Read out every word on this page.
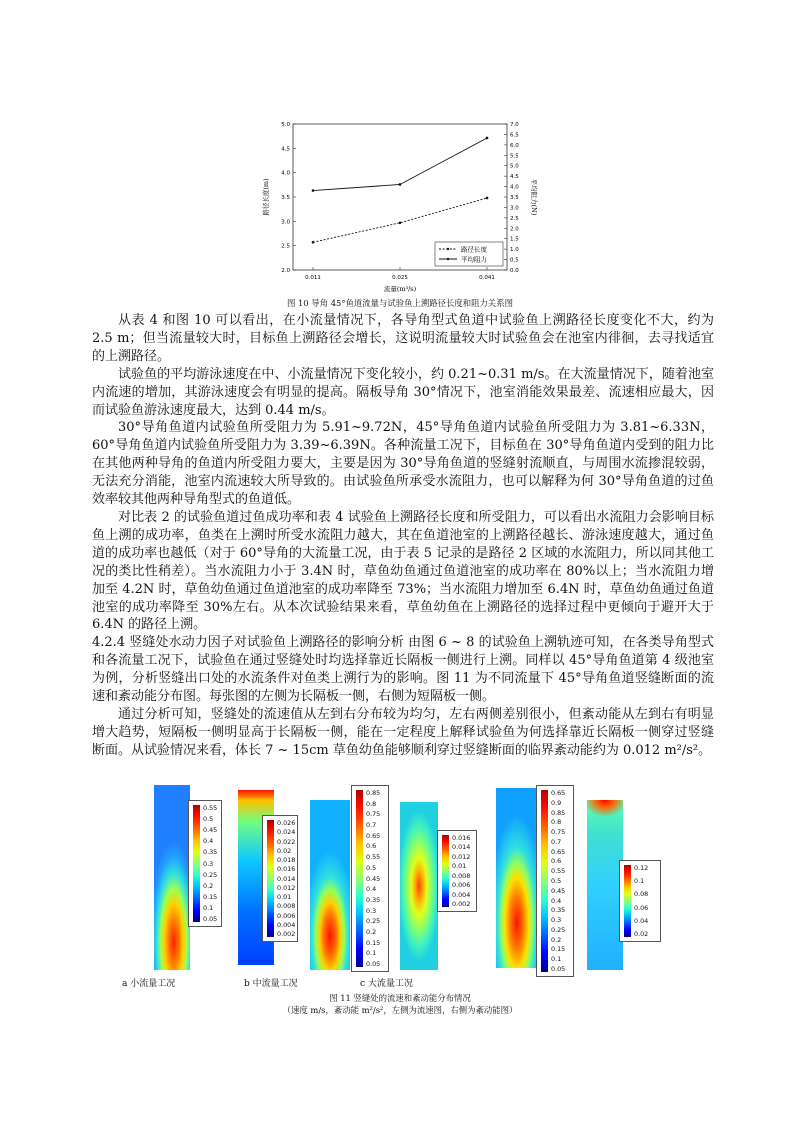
2.0
2.5
3.0
3.5
4.0
4.5
5.0
0.0
0.5
1.0
1.5
2.0
2.5
3.0
3.5
4.0
4.5
5.0
5.5
6.0
6.5
7.0
0.011	0.025	0.041
流量(m³/s)
路径长度(m)	平均阻力(N)
路径长度
平均阻力
图 10 导角 45°鱼道流量与试验鱼上溯路径长度和阻力关系图

从表 4 和图 10 可以看出，在小流量情况下，各导角型式鱼道中试验鱼上溯路径长度变化不大，约为 2.5 m；但当流量较大时，目标鱼上溯路径会增长，这说明流量较大时试验鱼会在池室内徘徊，去寻找适宜的上溯路径。

试验鱼的平均游泳速度在中、小流量情况下变化较小，约 0.21~0.31 m/s。在大流量情况下，随着池室内流速的增加，其游泳速度会有明显的提高。隔板导角 30°情况下，池室消能效果最差、流速相应最大，因而试验鱼游泳速度最大，达到 0.44 m/s。

30°导角鱼道内试验鱼所受阻力为 5.91~9.72N，45°导角鱼道内试验鱼所受阻力为 3.81~6.33N，60°导角鱼道内试验鱼所受阻力为 3.39~6.39N。各种流量工况下，目标鱼在 30°导角鱼道内受到的阻力比在其他两种导角的鱼道内所受阻力要大，主要是因为 30°导角鱼道的竖缝射流顺直，与周围水流掺混较弱，无法充分消能，池室内流速较大所导致的。由试验鱼所承受水流阻力，也可以解释为何 30°导角鱼道的过鱼效率较其他两种导角型式的鱼道低。

对比表 2 的试验鱼道过鱼成功率和表 4 试验鱼上溯路径长度和所受阻力，可以看出水流阻力会影响目标鱼上溯的成功率，鱼类在上溯时所受水流阻力越大，其在鱼道池室的上溯路径越长、游泳速度越大，通过鱼道的成功率也越低（对于 60°导角的大流量工况，由于表 5 记录的是路径 2 区域的水流阻力，所以同其他工况的类比性稍差）。当水流阻力小于 3.4N 时，草鱼幼鱼通过鱼道池室的成功率在 80%以上；当水流阻力增加至 4.2N 时，草鱼幼鱼通过鱼道池室的成功率降至 73%；当水流阻力增加至 6.4N 时，草鱼幼鱼通过鱼道池室的成功率降至 30%左右。从本次试验结果来看，草鱼幼鱼在上溯路径的选择过程中更倾向于避开大于 6.4N 的路径上溯。

4.2.4 竖缝处水动力因子对试验鱼上溯路径的影响分析 由图 6 ~ 8 的试验鱼上溯轨迹可知，在各类导角型式和各流量工况下，试验鱼在通过竖缝处时均选择靠近长隔板一侧进行上溯。同样以 45°导角鱼道第 4 级池室为例，分析竖缝出口处的水流条件对鱼类上溯行为的影响。图 11 为不同流量下 45°导角鱼道竖缝断面的流速和紊动能分布图。每张图的左侧为长隔板一侧，右侧为短隔板一侧。

通过分析可知，竖缝处的流速值从左到右分布较为均匀，左右两侧差别很小，但紊动能从左到右有明显增大趋势，短隔板一侧明显高于长隔板一侧，能在一定程度上解释试验鱼为何选择靠近长隔板一侧穿过竖缝断面。从试验情况来看，体长 7 ~ 15cm 草鱼幼鱼能够顺利穿过竖缝断面的临界紊动能约为 0.012 m²/s²。

a 小流量工况	b 中流量工况	c 大流量工况
0.55
0.5
0.45
0.4
0.35
0.3
0.25
0.2
0.15
0.1
0.05
0.026
0.024
0.022
0.02
0.018
0.016
0.014
0.012
0.01
0.008
0.006
0.004
0.002
0.85
0.8
0.75
0.7
0.65
0.6
0.55
0.5
0.45
0.4
0.35
0.3
0.25
0.2
0.15
0.1
0.05
0.016
0.014
0.012
0.01
0.008
0.006
0.004
0.002
0.65
0.9
0.85
0.8
0.75
0.7
0.65
0.6
0.55
0.5
0.45
0.4
0.35
0.3
0.25
0.2
0.15
0.1
0.05
0.12
0.1
0.08
0.06
0.04
0.02
图 11 竖缝处的流速和紊动能分布情况
（速度 m/s，紊动能 m²/s²，左侧为流速图，右侧为紊动能图）
